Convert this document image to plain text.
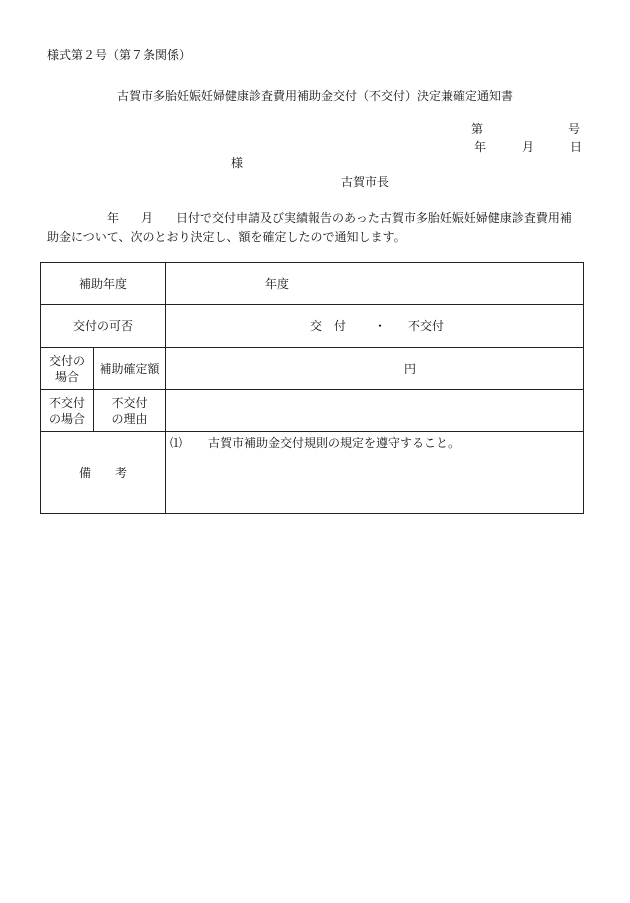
様式第２号（第７条関係）
古賀市多胎妊娠妊婦健康診査費用補助金交付（不交付）決定兼確定通知書
第	号
年	月	日
様
古賀市長
年 月 日付で交付申請及び実績報告のあった古賀市多胎妊娠妊婦健康診査費用補
助金について、次のとおり決定し、額を確定したので通知します。
補助年度		年度
交付の可否		交　付 ・ 不交付
交付の
場合	補助確定額	円
不交付
の場合	不交付
の理由	
備　　考		⑴ 古賀市補助金交付規則の規定を遵守すること。
